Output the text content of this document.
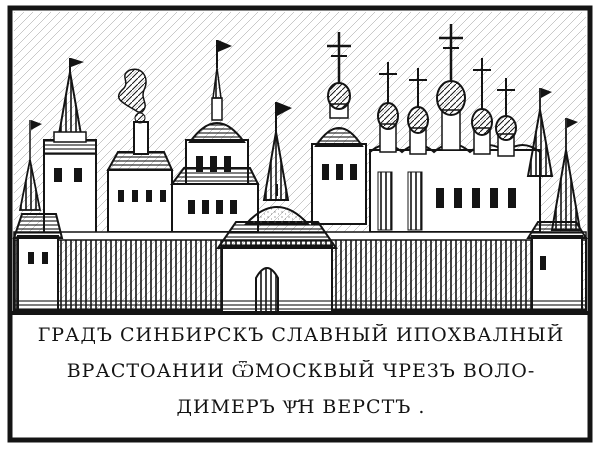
ГРАДЪ СИНБИРСКЪ СЛАВНЫЙ ИПОХВАЛНЫЙ
ВРАСТОАНИИ ѾМОСКВЫЙ ЧРЕЗЪ ВОЛО-
ДИМЕРЪ Ѱ҃Н ВЕРСТЪ .
